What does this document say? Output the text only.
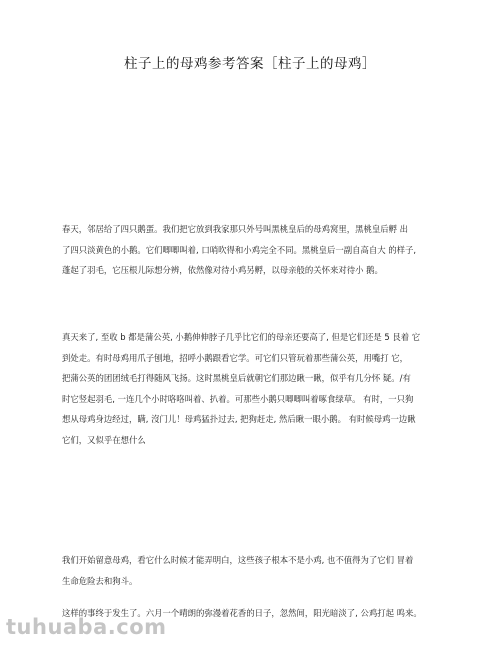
柱子上的母鸡参考答案［柱子上的母鸡］
春天，邻居给了四只鹅蛋。我们把它放到我家那只外号叫黑桃皇后的母鸡窝里，黑桃皇后孵 出
了四只淡黄色的小鹅。它们唧唧叫着, 口哨吹得和小鸡完全不同。黑桃皇后一副自高自大 的样子,
蓬起了羽毛，它压根儿际想分辨，依然像对待小鸡另孵，以母亲般的关怀来对待小 鹅。
真天来了, 至收 b 都是蒲公英, 小鹅伸伸脖子几乎比它们的母亲还要高了, 但是它们还是 5 艮着 它
到处走。有时母鸡用爪子刨地，招呼小鹅跟看它学。可它们只管玩着那些蒲公英，用嘴打 它，
把蒲公英的团团绒毛打得随风飞扬。这时黑桃皇后就朝它们那边瞅一瞅，似乎有几分怀 疑。/有
时它竖起羽毛, 一连几个小时咯咯叫着、扒着。可那些小鹅只唧唧叫着啄食绿草。 有时，一只狗
想从母鸡身边经过，瞒, 沒门儿！母鸡猛扑过去, 把狗赶走, 然后瞅一眼小鹅。 有时候母鸡一边瞅
它们，又似乎在想什么
我们开始留意母鸡，看它什么时候才能弄明白，这些孩子根本不是小鸡, 也不值得为了它们 冒着
生命危险去和狗斗。
这样的事终于发生了。六月一个晴朗的弥漫着花香的日子，忽然间，阳光暗淡了, 公鸡打起 鸣来。
tuhuaba.com
